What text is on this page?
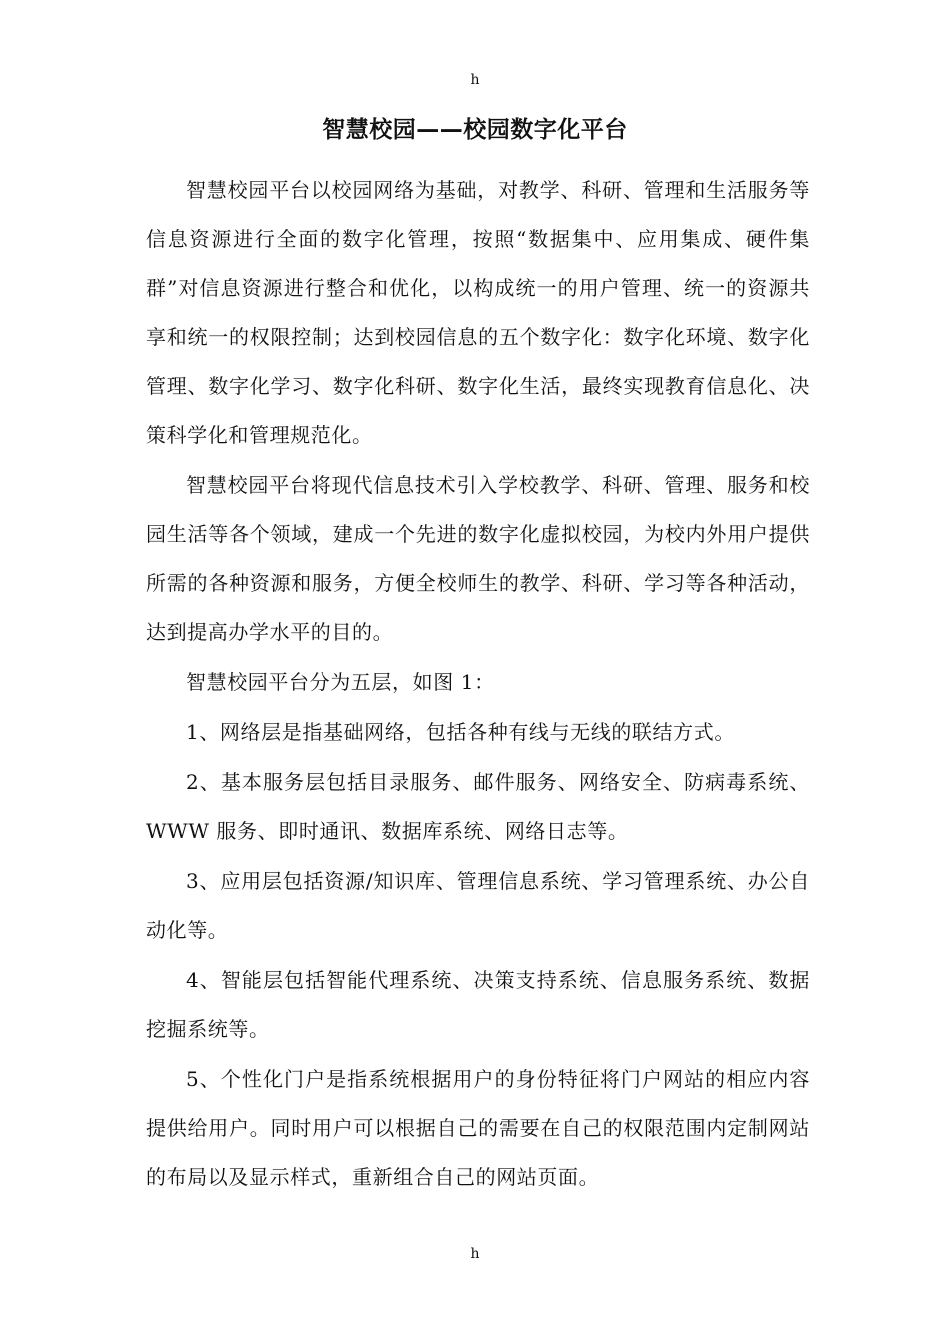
h
智慧校园——校园数字化平台

智慧校园平台以校园网络为基础，对教学、科研、管理和生活服务等信息资源进行全面的数字化管理，按照“数据集中、应用集成、硬件集群”对信息资源进行整合和优化，以构成统一的用户管理、统一的资源共享和统一的权限控制；达到校园信息的五个数字化：数字化环境、数字化管理、数字化学习、数字化科研、数字化生活，最终实现教育信息化、决策科学化和管理规范化。

智慧校园平台将现代信息技术引入学校教学、科研、管理、服务和校园生活等各个领域，建成一个先进的数字化虚拟校园，为校内外用户提供所需的各种资源和服务，方便全校师生的教学、科研、学习等各种活动，达到提高办学水平的目的。

智慧校园平台分为五层，如图 1：

1、网络层是指基础网络，包括各种有线与无线的联结方式。

2、基本服务层包括目录服务、邮件服务、网络安全、防病毒系统、WWW 服务、即时通讯、数据库系统、网络日志等。

3、应用层包括资源/知识库、管理信息系统、学习管理系统、办公自动化等。

4、智能层包括智能代理系统、决策支持系统、信息服务系统、数据挖掘系统等。

5、个性化门户是指系统根据用户的身份特征将门户网站的相应内容提供给用户。同时用户可以根据自己的需要在自己的权限范围内定制网站的布局以及显示样式，重新组合自己的网站页面。

h
